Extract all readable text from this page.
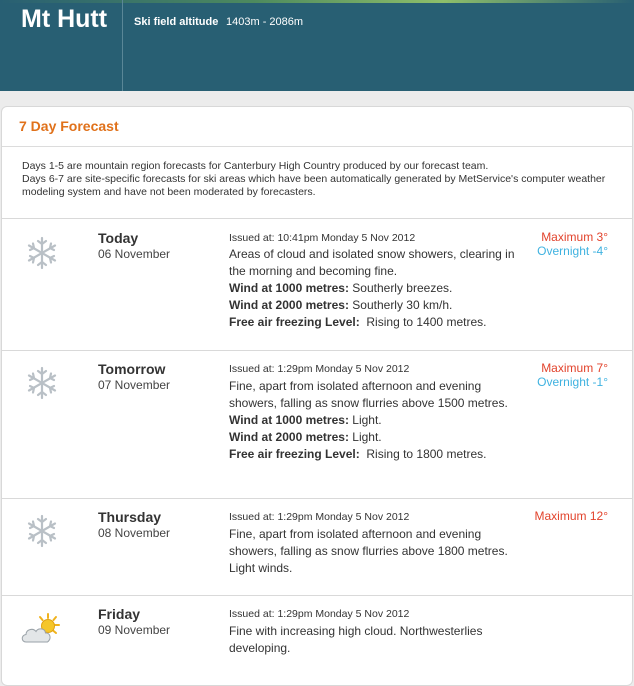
Mt Hutt Ski field altitude 1403m - 2086m
7 Day Forecast

Days 1-5 are mountain region forecasts for Canterbury High Country produced by our forecast team.

Days 6-7 are site-specific forecasts for ski areas which have been automatically generated by MetService's computer weather modeling system and have not been moderated by forecasters.

Today
06 November
Issued at: 10:41pm Monday 5 Nov 2012
Areas of cloud and isolated snow showers, clearing in the morning and becoming fine.
Wind at 1000 metres: Southerly breezes.
Wind at 2000 metres: Southerly 30 km/h.
Free air freezing Level: Rising to 1400 metres.
Maximum 3°
Overnight -4°
Tomorrow
07 November
Issued at: 1:29pm Monday 5 Nov 2012
Fine, apart from isolated afternoon and evening showers, falling as snow flurries above 1500 metres.
Wind at 1000 metres: Light.
Wind at 2000 metres: Light.
Free air freezing Level: Rising to 1800 metres.
Maximum 7°
Overnight -1°
Thursday
08 November
Issued at: 1:29pm Monday 5 Nov 2012
Fine, apart from isolated afternoon and evening showers, falling as snow flurries above 1800 metres. Light winds.
Maximum 12°
Friday
09 November
Issued at: 1:29pm Monday 5 Nov 2012
Fine with increasing high cloud. Northwesterlies developing.
